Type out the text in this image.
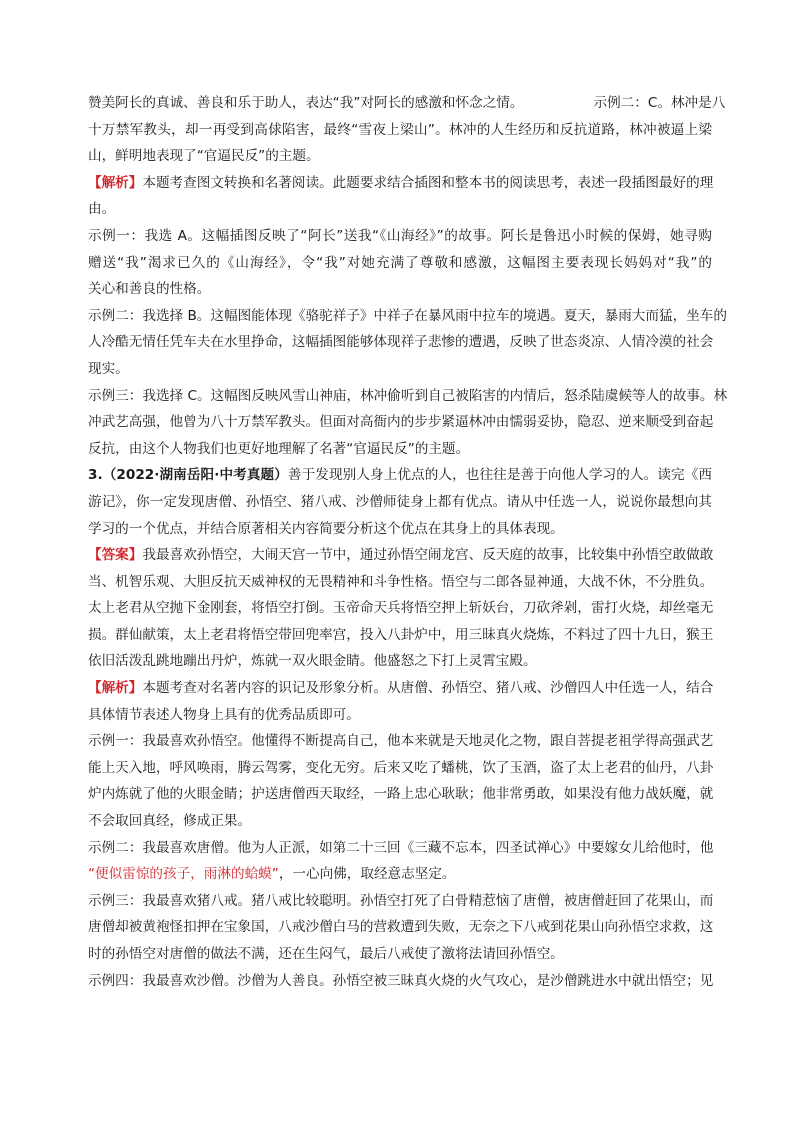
赞美阿长的真诚、善良和乐于助人，表达“我”对阿长的感激和怀念之情。	示例二：C。林冲是八
十万禁军教头，却一再受到高俅陷害，最终“雪夜上梁山”。林冲的人生经历和反抗道路，林冲被逼上梁
山，鲜明地表现了“官逼民反”的主题。
【解析】本题考查图文转换和名著阅读。此题要求结合插图和整本书的阅读思考，表述一段插图最好的理
由。
示例一：我选 A。这幅插图反映了“阿长”送我“《山海经》”的故事。阿长是鲁迅小时候的保姆，她寻购
赠送“我”渴求已久的《山海经》，令“我”对她充满了尊敬和感激，这幅图主要表现长妈妈对“我”的
关心和善良的性格。
示例二：我选择 B。这幅图能体现《骆驼祥子》中祥子在暴风雨中拉车的境遇。夏天，暴雨大而猛，坐车的
人冷酷无情任凭车夫在水里挣命，这幅插图能够体现祥子悲惨的遭遇，反映了世态炎凉、人情冷漠的社会
现实。
示例三：我选择 C。这幅图反映风雪山神庙，林冲偷听到自己被陷害的内情后，怒杀陆虞候等人的故事。林
冲武艺高强，他曾为八十万禁军教头。但面对高衙内的步步紧逼林冲由懦弱妥协，隐忍、逆来顺受到奋起
反抗，由这个人物我们也更好地理解了名著“官逼民反”的主题。
3.（2022·湖南岳阳·中考真题）善于发现别人身上优点的人，也往往是善于向他人学习的人。读完《西
游记》，你一定发现唐僧、孙悟空、猪八戒、沙僧师徒身上都有优点。请从中任选一人，说说你最想向其
学习的一个优点，并结合原著相关内容简要分析这个优点在其身上的具体表现。
【答案】我最喜欢孙悟空，大闹天宫一节中，通过孙悟空闹龙宫、反天庭的故事，比较集中孙悟空敢做敢
当、机智乐观、大胆反抗天威神权的无畏精神和斗争性格。悟空与二郎各显神通，大战不休，不分胜负。
太上老君从空抛下金刚套，将悟空打倒。玉帝命天兵将悟空押上斩妖台，刀砍斧剁，雷打火烧，却丝毫无
损。群仙献策，太上老君将悟空带回兜率宫，投入八卦炉中，用三昧真火烧炼，不料过了四十九日，猴王
依旧活泼乱跳地蹦出丹炉，炼就一双火眼金睛。他盛怒之下打上灵霄宝殿。
【解析】本题考查对名著内容的识记及形象分析。从唐僧、孙悟空、猪八戒、沙僧四人中任选一人，结合
具体情节表述人物身上具有的优秀品质即可。
示例一：我最喜欢孙悟空。他懂得不断提高自己，他本来就是天地灵化之物，跟自菩提老祖学得高强武艺
能上天入地，呼风唤雨，腾云驾雾，变化无穷。后来又吃了蟠桃，饮了玉酒，盗了太上老君的仙丹，八卦
炉内炼就了他的火眼金睛；护送唐僧西天取经，一路上忠心耿耿；他非常勇敢，如果没有他力战妖魔，就
不会取回真经，修成正果。
示例二：我最喜欢唐僧。他为人正派，如第二十三回《三藏不忘本，四圣试禅心》中要嫁女儿给他时，他
“便似雷惊的孩子，雨淋的蛤蟆”，一心向佛，取经意志坚定。
示例三：我最喜欢猪八戒。猪八戒比较聪明。孙悟空打死了白骨精惹恼了唐僧，被唐僧赶回了花果山，而
唐僧却被黄袍怪扣押在宝象国，八戒沙僧白马的营救遭到失败，无奈之下八戒到花果山向孙悟空求救，这
时的孙悟空对唐僧的做法不满，还在生闷气，最后八戒使了激将法请回孙悟空。
示例四：我最喜欢沙僧。沙僧为人善良。孙悟空被三昧真火烧的火气攻心，是沙僧跳进水中就出悟空；见
